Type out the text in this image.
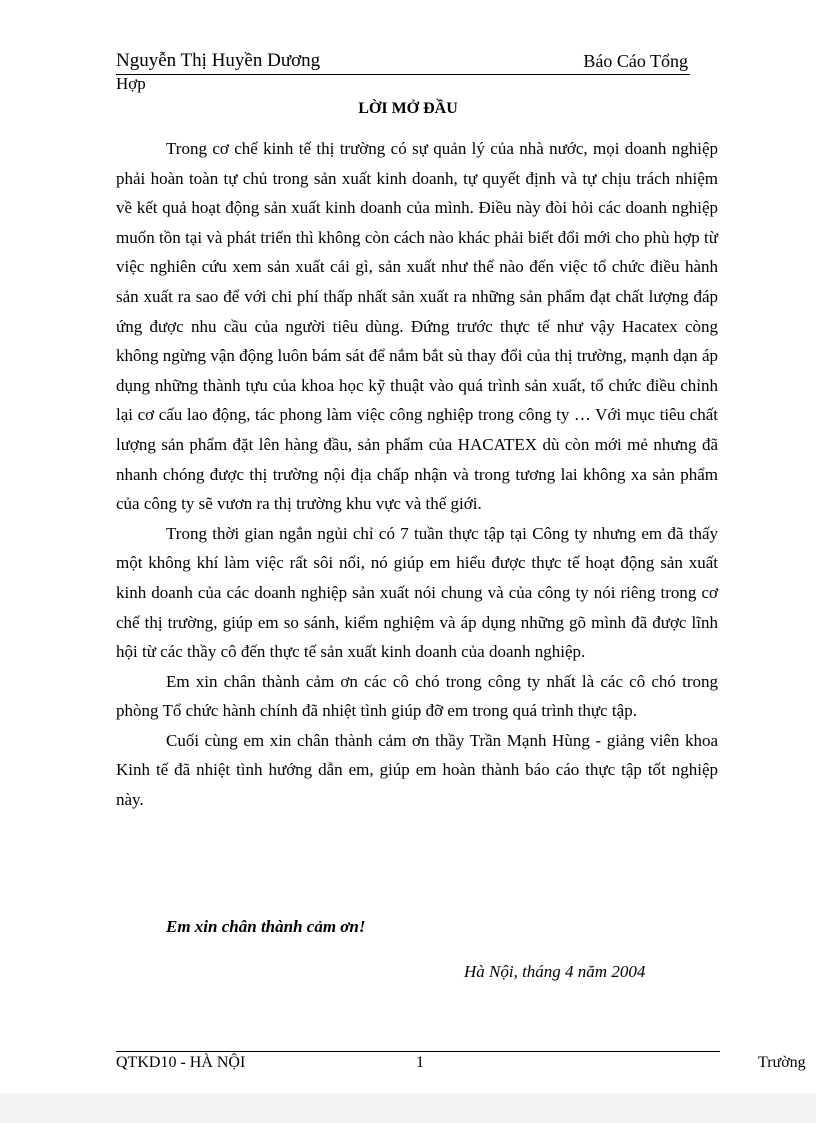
Nguyễn Thị Huyền Dương	Báo Cáo Tổng
Hợp
LỜI MỞ ĐẦU

Trong cơ chế kinh tế thị trường có sự quản lý của nhà nước, mọi doanh nghiệp phải hoàn toàn tự chủ trong sản xuất kinh doanh, tự quyết định và tự chịu trách nhiệm về kết quả hoạt động sản xuất kinh doanh của mình. Điều này đòi hỏi các doanh nghiệp muốn tồn tại và phát triển thì không còn cách nào khác phải biết đổi mới cho phù hợp từ việc nghiên cứu xem sản xuất cái gì, sản xuất như thế nào đến việc tổ chức điều hành sản xuất ra sao để với chi phí thấp nhất sản xuất ra những sản phẩm đạt chất lượng đáp ứng được nhu cầu của người tiêu dùng. Đứng trước thực tế như vậy Hacatex còng không ngừng vận động luôn bám sát để nắm bắt sù thay đổi của thị trường, mạnh dạn áp dụng những thành tựu của khoa học kỹ thuật vào quá trình sản xuất, tổ chức điều chỉnh lại cơ cấu lao động, tác phong làm việc công nghiệp trong công ty … Với mục tiêu chất lượng sản phẩm đặt lên hàng đầu, sản phẩm của HACATEX dù còn mới mẻ nhưng đã nhanh chóng được thị trường nội địa chấp nhận và trong tương lai không xa sản phẩm của công ty sẽ vươn ra thị trường khu vực và thế giới.

Trong thời gian ngắn ngủi chỉ có 7 tuần thực tập tại Công ty nhưng em đã thấy một không khí làm việc rất sôi nổi, nó giúp em hiểu được thực tế hoạt động sản xuất kinh doanh của các doanh nghiệp sản xuất nói chung và của công ty nói riêng trong cơ chế thị trường, giúp em so sánh, kiểm nghiệm và áp dụng những gõ mình đã được lĩnh hội từ các thầy cô đến thực tế sản xuất kinh doanh của doanh nghiệp.

Em xin chân thành cảm ơn các cô chó trong công ty nhất là các cô chó trong phòng Tổ chức hành chính đã nhiệt tình giúp đỡ em trong quá trình thực tập.

Cuối cùng em xin chân thành cảm ơn thầy Trần Mạnh Hùng - giảng viên khoa Kinh tế đã nhiệt tình hướng dẫn em, giúp em hoàn thành báo cáo thực tập tốt nghiệp này.

Em xin chân thành cảm ơn!
Hà Nội, tháng 4 năm 2004
QTKD10 - HÀ NỘI	1	Trường
